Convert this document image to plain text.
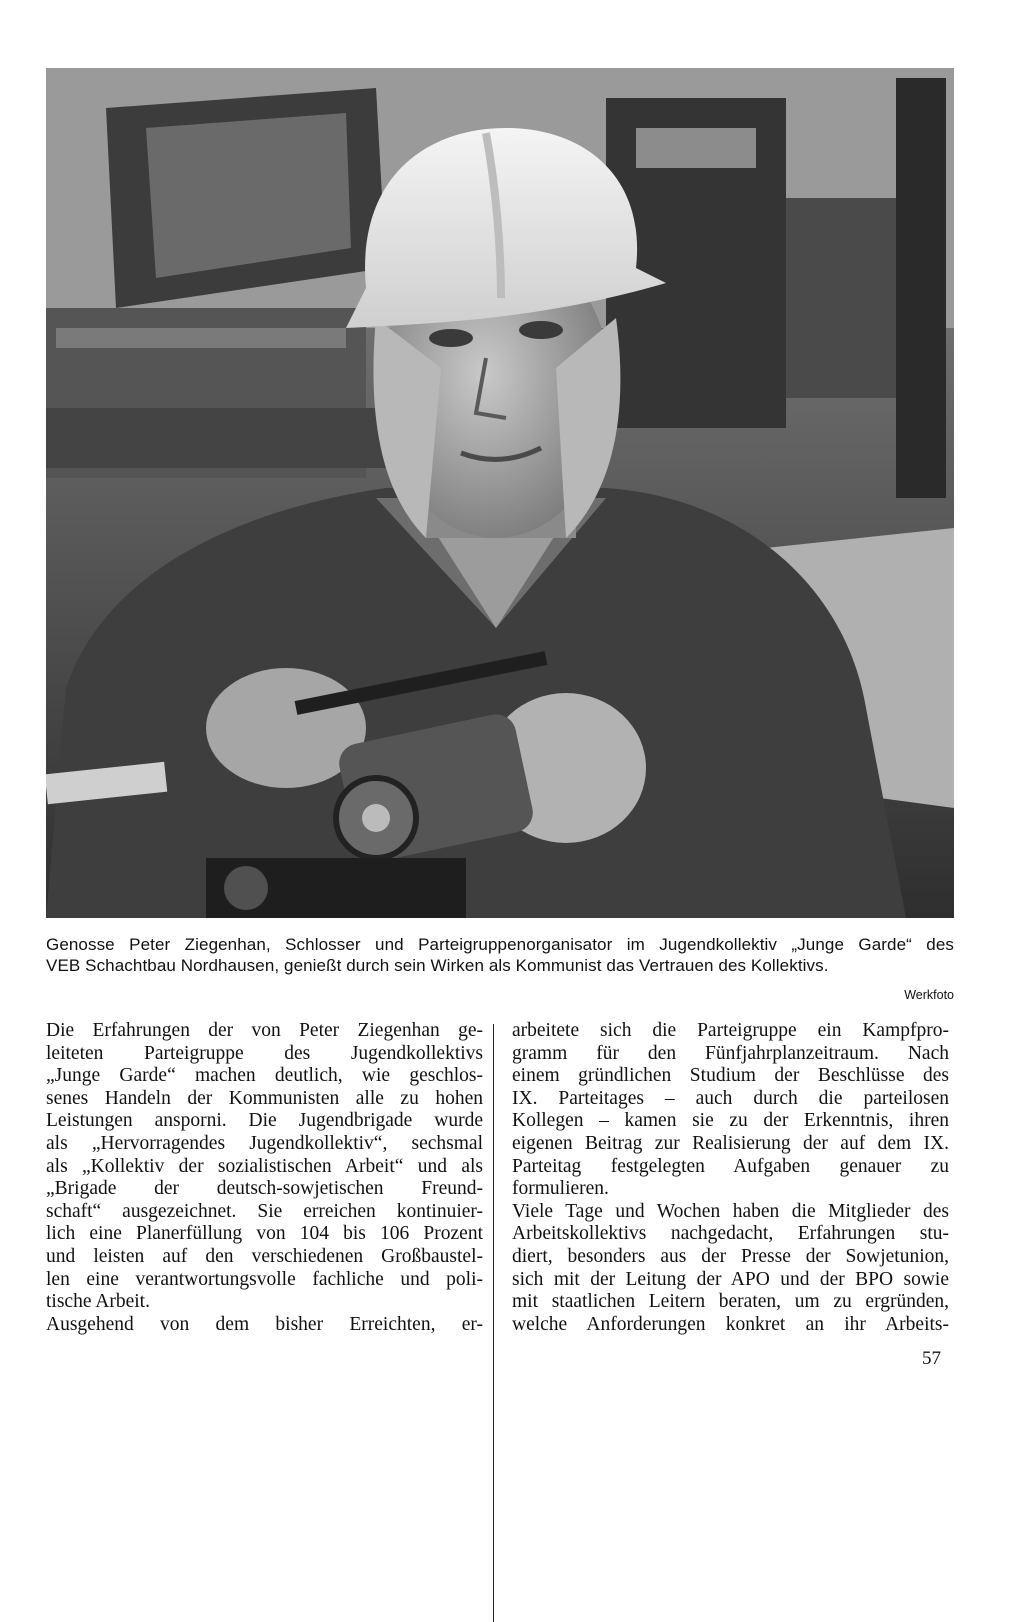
Genosse Peter Ziegenhan, Schlosser und Parteigruppenorganisator im Jugendkollektiv „Junge Garde“ des
VEB Schachtbau Nordhausen, genießt durch sein Wirken als Kommunist das Vertrauen des Kollektivs.
Werkfoto
Die Erfahrungen der von Peter Ziegenhan ge-
leiteten Parteigruppe des Jugendkollektivs
„Junge Garde“ machen deutlich, wie geschlos-
senes Handeln der Kommunisten alle zu hohen
Leistungen ansporni. Die Jugendbrigade wurde
als „Hervorragendes Jugendkollektiv“, sechsmal
als „Kollektiv der sozialistischen Arbeit“ und als
„Brigade der deutsch-sowjetischen Freund-
schaft“ ausgezeichnet. Sie erreichen kontinuier-
lich eine Planerfüllung von 104 bis 106 Prozent
und leisten auf den verschiedenen Großbaustel-
len eine verantwortungsvolle fachliche und poli-
tische Arbeit.
Ausgehend von dem bisher Erreichten, er-
arbeitete sich die Parteigruppe ein Kampfpro-
gramm für den Fünfjahrplanzeitraum. Nach
einem gründlichen Studium der Beschlüsse des
IX. Parteitages – auch durch die parteilosen
Kollegen – kamen sie zu der Erkenntnis, ihren
eigenen Beitrag zur Realisierung der auf dem IX.
Parteitag festgelegten Aufgaben genauer zu
formulieren.
Viele Tage und Wochen haben die Mitglieder des
Arbeitskollektivs nachgedacht, Erfahrungen stu-
diert, besonders aus der Presse der Sowjetunion,
sich mit der Leitung der APO und der BPO sowie
mit staatlichen Leitern beraten, um zu ergründen,
welche Anforderungen konkret an ihr Arbeits-
57
